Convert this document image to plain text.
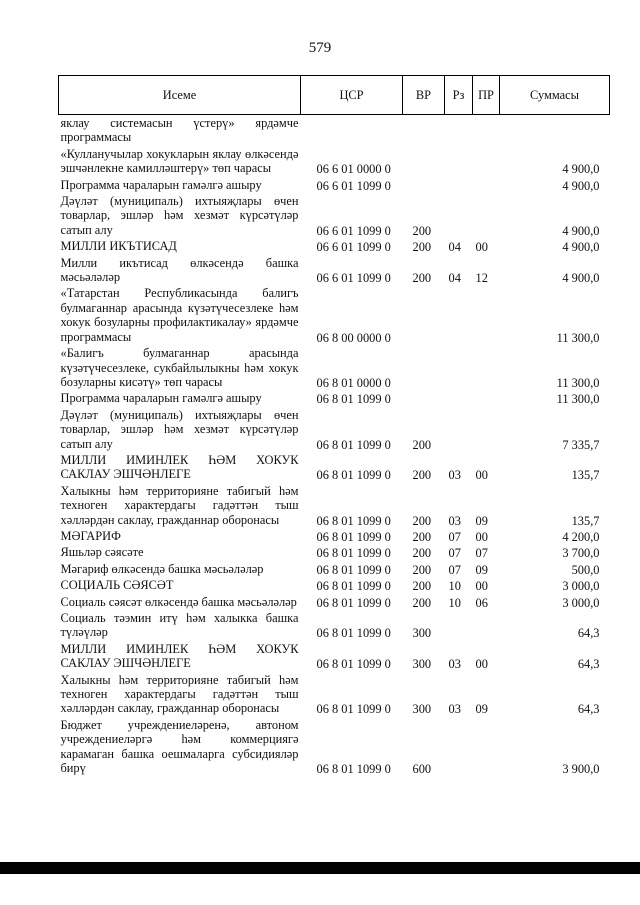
579
Исеме	ЦСР	ВР	Рз	ПР	Суммасы
яклау системасын үстерү» ярдәмче программасы					
«Кулланучылар хокукларын яклау өлкәсендә эшчәнлекне камилләштерү» төп чарасы	06 6 01 0000 0				4 900,0
Программа чараларын гамәлгә ашыру	06 6 01 1099 0				4 900,0
Дәүләт (муниципаль) ихтыяҗлары өчен товарлар, эшләр һәм хезмәт күрсәтүләр сатып алу	06 6 01 1099 0	200			4 900,0
МИЛЛИ ИКЪТИСАД	06 6 01 1099 0	200	04	00	4 900,0
Милли икътисад өлкәсендә башка мәсьәләләр	06 6 01 1099 0	200	04	12	4 900,0
«Татарстан Республикасында балигъ булмаганнар арасында күзәтүчесезлеке һәм хокук бозуларны профилактикалау» ярдәмче программасы	06 8 00 0000 0				11 300,0
«Балигъ булмаганнар арасында күзәтүчесезлеке, сукбайлылыкны һәм хокук бозуларны кисәтү» төп чарасы	06 8 01 0000 0				11 300,0
Программа чараларын гамәлгә ашыру	06 8 01 1099 0				11 300,0
Дәүләт (муниципаль) ихтыяҗлары өчен товарлар, эшләр һәм хезмәт күрсәтүләр сатып алу	06 8 01 1099 0	200			7 335,7
МИЛЛИ ИМИНЛЕК ҺӘМ ХОКУК САКЛАУ ЭШЧӘНЛЕГЕ	06 8 01 1099 0	200	03	00	135,7
Халыкны һәм территорияне табигый һәм техноген характердагы гадәттән тыш хәлләрдән саклау, гражданнар оборонасы	06 8 01 1099 0	200	03	09	135,7
МӘГАРИФ	06 8 01 1099 0	200	07	00	4 200,0
Яшьләр сәясәте	06 8 01 1099 0	200	07	07	3 700,0
Мәгариф өлкәсендә башка мәсьәләләр	06 8 01 1099 0	200	07	09	500,0
СОЦИАЛЬ СӘЯСӘТ	06 8 01 1099 0	200	10	00	3 000,0
Социаль сәясәт өлкәсендә башка мәсьәләләр	06 8 01 1099 0	200	10	06	3 000,0
Социаль тәэмин итү һәм халыкка башка түләүләр	06 8 01 1099 0	300			64,3
МИЛЛИ ИМИНЛЕК ҺӘМ ХОКУК САКЛАУ ЭШЧӘНЛЕГЕ	06 8 01 1099 0	300	03	00	64,3
Халыкны һәм территорияне табигый һәм техноген характердагы гадәттән тыш хәлләрдән саклау, гражданнар оборонасы	06 8 01 1099 0	300	03	09	64,3
Бюджет учреждениеләренә, автоном учреждениеләргә һәм коммерциягә карамаган башка оешмаларга субсидияләр бирү	06 8 01 1099 0	600			3 900,0
